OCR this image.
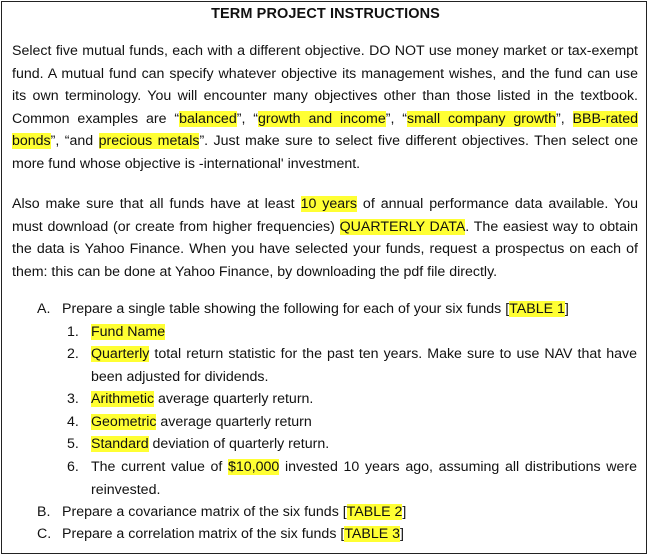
TERM PROJECT INSTRUCTIONS
Select five mutual funds, each with a different objective. DO NOT use money market or tax-exempt fund. A mutual fund can specify whatever objective its management wishes, and the fund can use its own terminology. You will encounter many objectives other than those listed in the textbook. Common examples are “balanced”, “growth and income”, “small company growth”, BBB-rated bonds”, “and precious metals”. Just make sure to select five different objectives. Then select one more fund whose objective is -international' investment.
Also make sure that all funds have at least 10 years of annual performance data available. You must download (or create from higher frequencies) QUARTERLY DATA. The easiest way to obtain the data is Yahoo Finance. When you have selected your funds, request a prospectus on each of them: this can be done at Yahoo Finance, by downloading the pdf file directly.
A. Prepare a single table showing the following for each of your six funds [TABLE 1]
1. Fund Name
2. Quarterly total return statistic for the past ten years. Make sure to use NAV that have been adjusted for dividends.
3. Arithmetic average quarterly return.
4. Geometric average quarterly return
5. Standard deviation of quarterly return.
6. The current value of $10,000 invested 10 years ago, assuming all distributions were reinvested.
B. Prepare a covariance matrix of the six funds [TABLE 2]
C. Prepare a correlation matrix of the six funds [TABLE 3]
